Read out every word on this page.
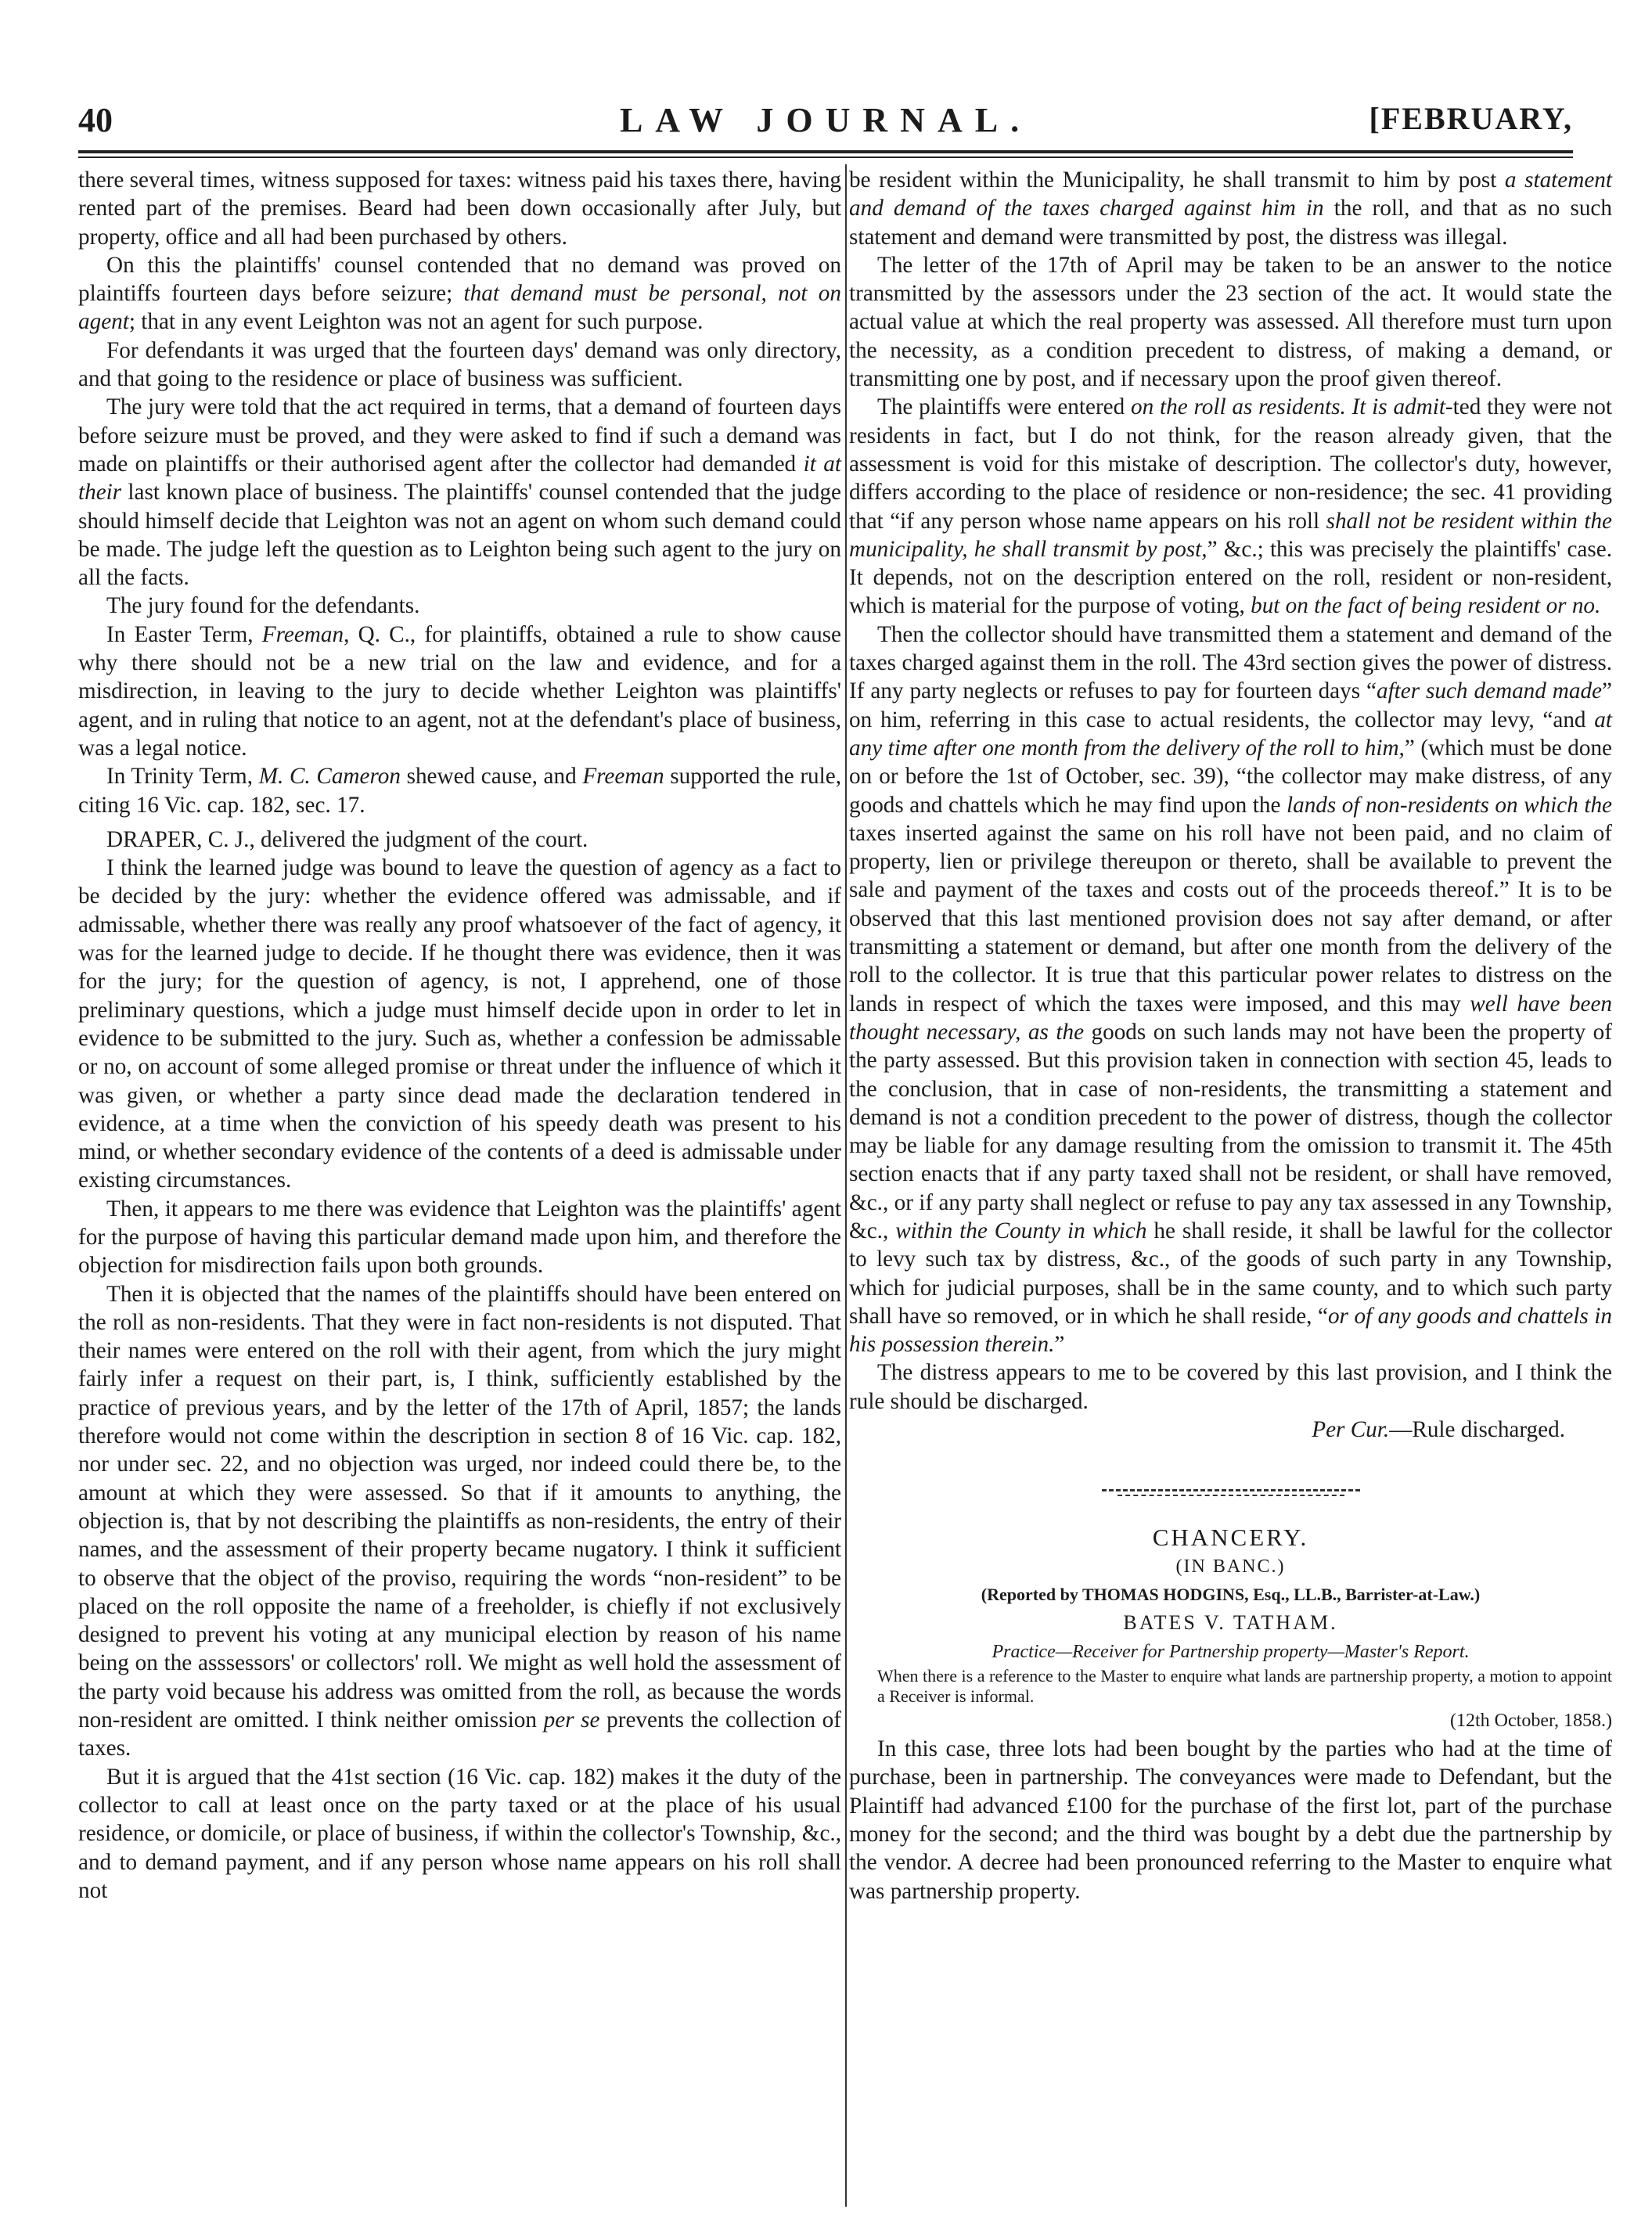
40	LAW JOURNAL.	[FEBRUARY,

there several times, witness supposed for taxes: witness paid his taxes there, having rented part of the premises. Beard had been down occasionally after July, but property, office and all had been purchased by others.

On this the plaintiffs' counsel contended that no demand was proved on plaintiffs fourteen days before seizure; that demand must be personal, not on agent; that in any event Leighton was not an agent for such purpose.

For defendants it was urged that the fourteen days' demand was only directory, and that going to the residence or place of business was sufficient.

The jury were told that the act required in terms, that a demand of fourteen days before seizure must be proved, and they were asked to find if such a demand was made on plaintiffs or their authorised agent after the collector had demanded it at their last known place of business. The plaintiffs' counsel contended that the judge should himself decide that Leighton was not an agent on whom such demand could be made. The judge left the question as to Leighton being such agent to the jury on all the facts.

The jury found for the defendants.

In Easter Term, Freeman, Q. C., for plaintiffs, obtained a rule to show cause why there should not be a new trial on the law and evidence, and for a misdirection, in leaving to the jury to decide whether Leighton was plaintiffs' agent, and in ruling that notice to an agent, not at the defendant's place of business, was a legal notice.

In Trinity Term, M. C. Cameron shewed cause, and Freeman supported the rule, citing 16 Vic. cap. 182, sec. 17.

DRAPER, C. J., delivered the judgment of the court.

I think the learned judge was bound to leave the question of agency as a fact to be decided by the jury: whether the evidence offered was admissable, and if admissable, whether there was really any proof whatsoever of the fact of agency, it was for the learned judge to decide. If he thought there was evidence, then it was for the jury; for the question of agency, is not, I apprehend, one of those preliminary questions, which a judge must himself decide upon in order to let in evidence to be submitted to the jury. Such as, whether a confession be admissable or no, on account of some alleged promise or threat under the influence of which it was given, or whether a party since dead made the declaration tendered in evidence, at a time when the conviction of his speedy death was present to his mind, or whether secondary evidence of the contents of a deed is admissable under existing circumstances.

Then, it appears to me there was evidence that Leighton was the plaintiffs' agent for the purpose of having this particular demand made upon him, and therefore the objection for misdirection fails upon both grounds.

Then it is objected that the names of the plaintiffs should have been entered on the roll as non-residents. That they were in fact non-residents is not disputed. That their names were entered on the roll with their agent, from which the jury might fairly infer a request on their part, is, I think, sufficiently established by the practice of previous years, and by the letter of the 17th of April, 1857; the lands therefore would not come within the description in section 8 of 16 Vic. cap. 182, nor under sec. 22, and no objection was urged, nor indeed could there be, to the amount at which they were assessed. So that if it amounts to anything, the objection is, that by not describing the plaintiffs as non-residents, the entry of their names, and the assessment of their property became nugatory. I think it sufficient to observe that the object of the proviso, requiring the words “non-resident” to be placed on the roll opposite the name of a freeholder, is chiefly if not exclusively designed to prevent his voting at any municipal election by reason of his name being on the asssessors' or collectors' roll. We might as well hold the assessment of the party void because his address was omitted from the roll, as because the words non-resident are omitted. I think neither omission per se prevents the collection of taxes.

But it is argued that the 41st section (16 Vic. cap. 182) makes it the duty of the collector to call at least once on the party taxed or at the place of his usual residence, or domicile, or place of business, if within the collector's Township, &c., and to demand payment, and if any person whose name appears on his roll shall not

be resident within the Municipality, he shall transmit to him by post a statement and demand of the taxes charged against him in the roll, and that as no such statement and demand were transmitted by post, the distress was illegal.

The letter of the 17th of April may be taken to be an answer to the notice transmitted by the assessors under the 23 section of the act. It would state the actual value at which the real property was assessed. All therefore must turn upon the necessity, as a condition precedent to distress, of making a demand, or transmitting one by post, and if necessary upon the proof given thereof.

The plaintiffs were entered on the roll as residents. It is admit-ted they were not residents in fact, but I do not think, for the reason already given, that the assessment is void for this mistake of description. The collector's duty, however, differs according to the place of residence or non-residence; the sec. 41 providing that “if any person whose name appears on his roll shall not be resident within the municipality, he shall transmit by post,” &c.; this was precisely the plaintiffs' case. It depends, not on the description entered on the roll, resident or non-resident, which is material for the purpose of voting, but on the fact of being resident or no.

Then the collector should have transmitted them a statement and demand of the taxes charged against them in the roll. The 43rd section gives the power of distress. If any party neglects or refuses to pay for fourteen days “after such demand made” on him, referring in this case to actual residents, the collector may levy, “and at any time after one month from the delivery of the roll to him,” (which must be done on or before the 1st of October, sec. 39), “the collector may make distress, of any goods and chattels which he may find upon the lands of non-residents on which the taxes inserted against the same on his roll have not been paid, and no claim of property, lien or privilege thereupon or thereto, shall be available to prevent the sale and payment of the taxes and costs out of the proceeds thereof.” It is to be observed that this last mentioned provision does not say after demand, or after transmitting a statement or demand, but after one month from the delivery of the roll to the collector. It is true that this particular power relates to distress on the lands in respect of which the taxes were imposed, and this may well have been thought necessary, as the goods on such lands may not have been the property of the party assessed. But this provision taken in connection with section 45, leads to the conclusion, that in case of non-residents, the transmitting a statement and demand is not a condition precedent to the power of distress, though the collector may be liable for any damage resulting from the omission to transmit it. The 45th section enacts that if any party taxed shall not be resident, or shall have removed, &c., or if any party shall neglect or refuse to pay any tax assessed in any Township, &c., within the County in which he shall reside, it shall be lawful for the collector to levy such tax by distress, &c., of the goods of such party in any Township, which for judicial purposes, shall be in the same county, and to which such party shall have so removed, or in which he shall reside, “or of any goods and chattels in his possession therein.”

The distress appears to me to be covered by this last provision, and I think the rule should be discharged.

Per Cur.—Rule discharged.

CHANCERY.

(IN BANC.)

(Reported by THOMAS HODGINS, Esq., LL.B., Barrister-at-Law.)

BATES V. TATHAM.

Practice—Receiver for Partnership property—Master's Report.

When there is a reference to the Master to enquire what lands are partnership property, a motion to appoint a Receiver is informal.

(12th October, 1858.)

In this case, three lots had been bought by the parties who had at the time of purchase, been in partnership. The conveyances were made to Defendant, but the Plaintiff had advanced £100 for the purchase of the first lot, part of the purchase money for the second; and the third was bought by a debt due the partnership by the vendor. A decree had been pronounced referring to the Master to enquire what was partnership property.
